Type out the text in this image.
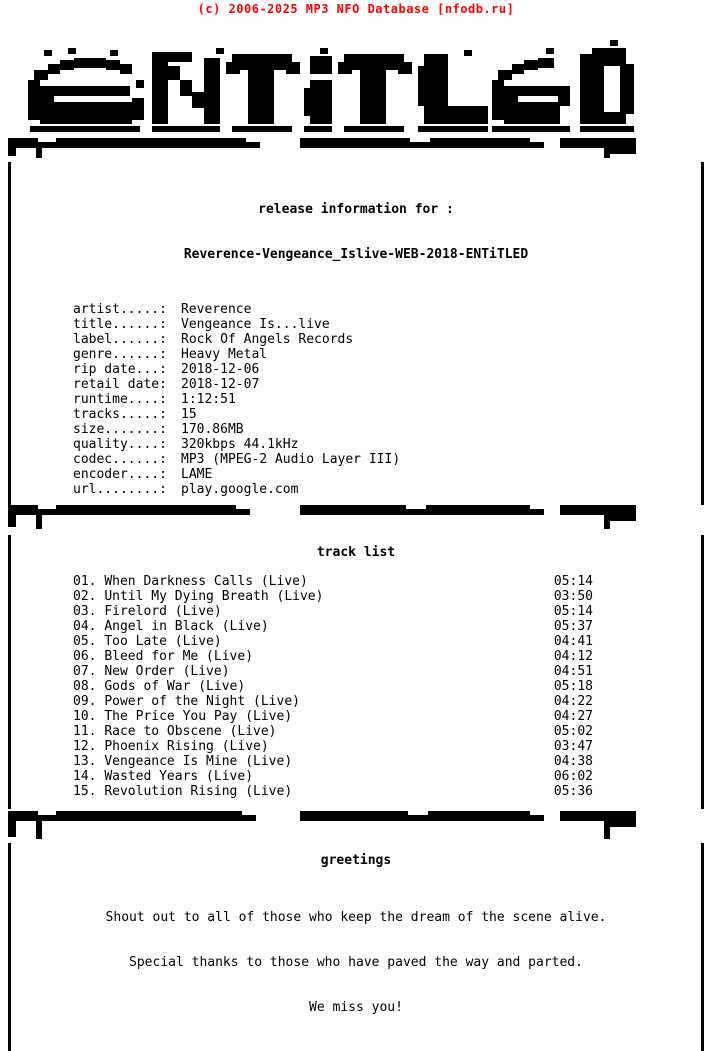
(c) 2006-2025 MP3 NFO Database [nfodb.ru]
hX!

release information for :

Reverence-Vengeance_Islive-WEB-2018-ENTiTLED

artist.....: Reverence
title......: Vengeance Is...live
label......: Rock Of Angels Records
genre......: Heavy Metal
rip date...: 2018-12-06
retail date: 2018-12-07
runtime....: 1:12:51
tracks.....: 15
size.......: 170.86MB
quality....: 320kbps 44.1kHz
codec......: MP3 (MPEG-2 Audio Layer III)
encoder....: LAME
url........: play.google.com
track list
01. When Darkness Calls (Live)	05:14
02. Until My Dying Breath (Live)	03:50
03. Firelord (Live)	05:14
04. Angel in Black (Live)	05:37
05. Too Late (Live)	04:41
06. Bleed for Me (Live)	04:12
07. New Order (Live)	04:51
08. Gods of War (Live)	05:18
09. Power of the Night (Live)	04:22
10. The Price You Pay (Live)	04:27
11. Race to Obscene (Live)	05:02
12. Phoenix Rising (Live)	03:47
13. Vengeance Is Mine (Live)	04:38
14. Wasted Years (Live)	06:02
15. Revolution Rising (Live)	05:36
greetings

Shout out to all of those who keep the dream of the scene alive.

Special thanks to those who have paved the way and parted.

We miss you!
